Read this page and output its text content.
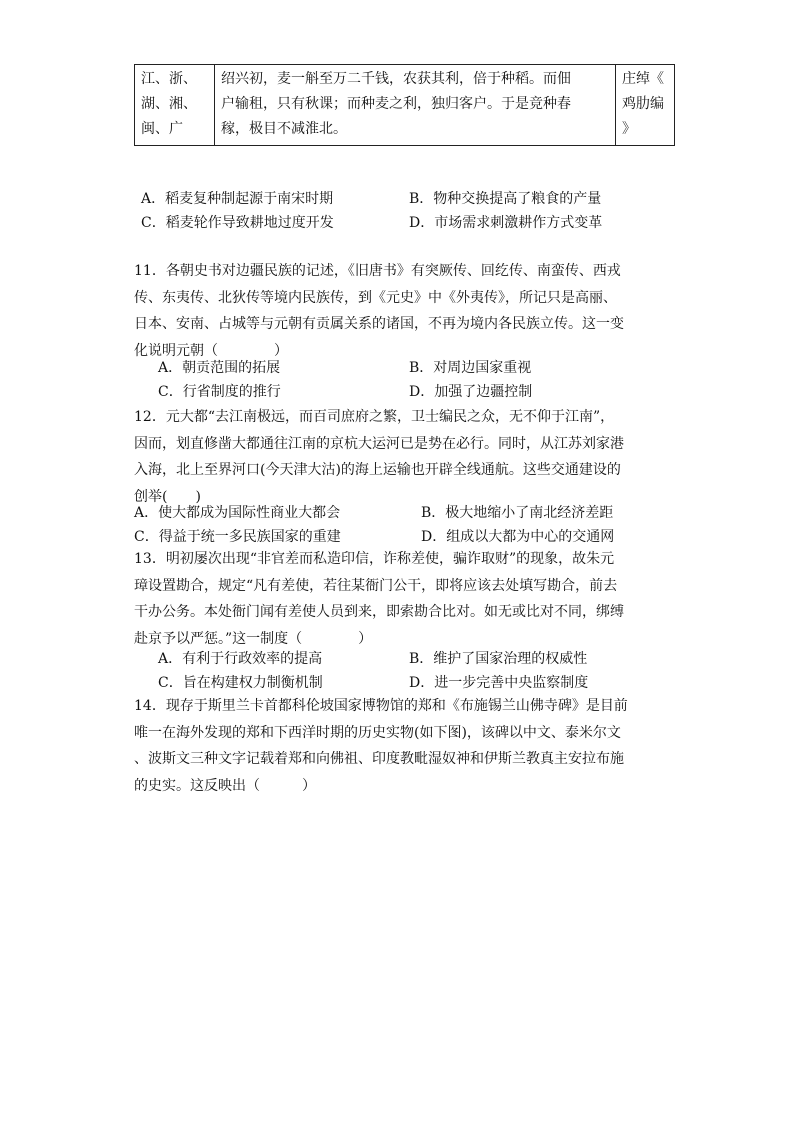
江、浙、
湖、湘、
闽、广

绍兴初，麦一斛至万二千钱，农获其利，倍于种稻。而佃
户输租，只有秋课；而种麦之利，独归客户。于是竞种春
稼，极目不减淮北。

庄绰《
鸡肋编
》
A．稻麦复种制起源于南宋时期	B．物种交换提高了粮食的产量
C．稻麦轮作导致耕地过度开发	D．市场需求刺激耕作方式变革
11．各朝史书对边疆民族的记述，《旧唐书》有突厥传、回纥传、南蛮传、西戎
传、东夷传、北狄传等境内民族传，到《元史》中《外夷传》，所记只是高丽、
日本、安南、占城等与元朝有贡属关系的诸国，不再为境内各民族立传。这一变
化说明元朝（　　　　）
A．朝贡范围的拓展	B．对周边国家重视
C．行省制度的推行	D．加强了边疆控制
12．元大都“去江南极远，而百司庶府之繁，卫士编民之众，无不仰于江南”，
因而，划直修凿大都通往江南的京杭大运河已是势在必行。同时，从江苏刘家港
入海，北上至界河口(今天津大沽)的海上运输也开辟全线通航。这些交通建设的
创举(　　)
A．使大都成为国际性商业大都会	B．极大地缩小了南北经济差距
C．得益于统一多民族国家的重建	D．组成以大都为中心的交通网
13．明初屡次出现“非官差而私造印信，诈称差使，骗诈取财”的现象，故朱元
璋设置勘合，规定“凡有差使，若往某衙门公干，即将应该去处填写勘合，前去
干办公务。本处衙门闻有差使人员到来，即索勘合比对。如无或比对不同，绑缚
赴京予以严惩。”这一制度（　　　　）
A．有利于行政效率的提高	B．维护了国家治理的权威性
C．旨在构建权力制衡机制	D．进一步完善中央监察制度
14．现存于斯里兰卡首都科伦坡国家博物馆的郑和《布施锡兰山佛寺碑》是目前
唯一在海外发现的郑和下西洋时期的历史实物(如下图)，该碑以中文、泰米尔文
、波斯文三种文字记载着郑和向佛祖、印度教毗湿奴神和伊斯兰教真主安拉布施
的史实。这反映出（　　　）
